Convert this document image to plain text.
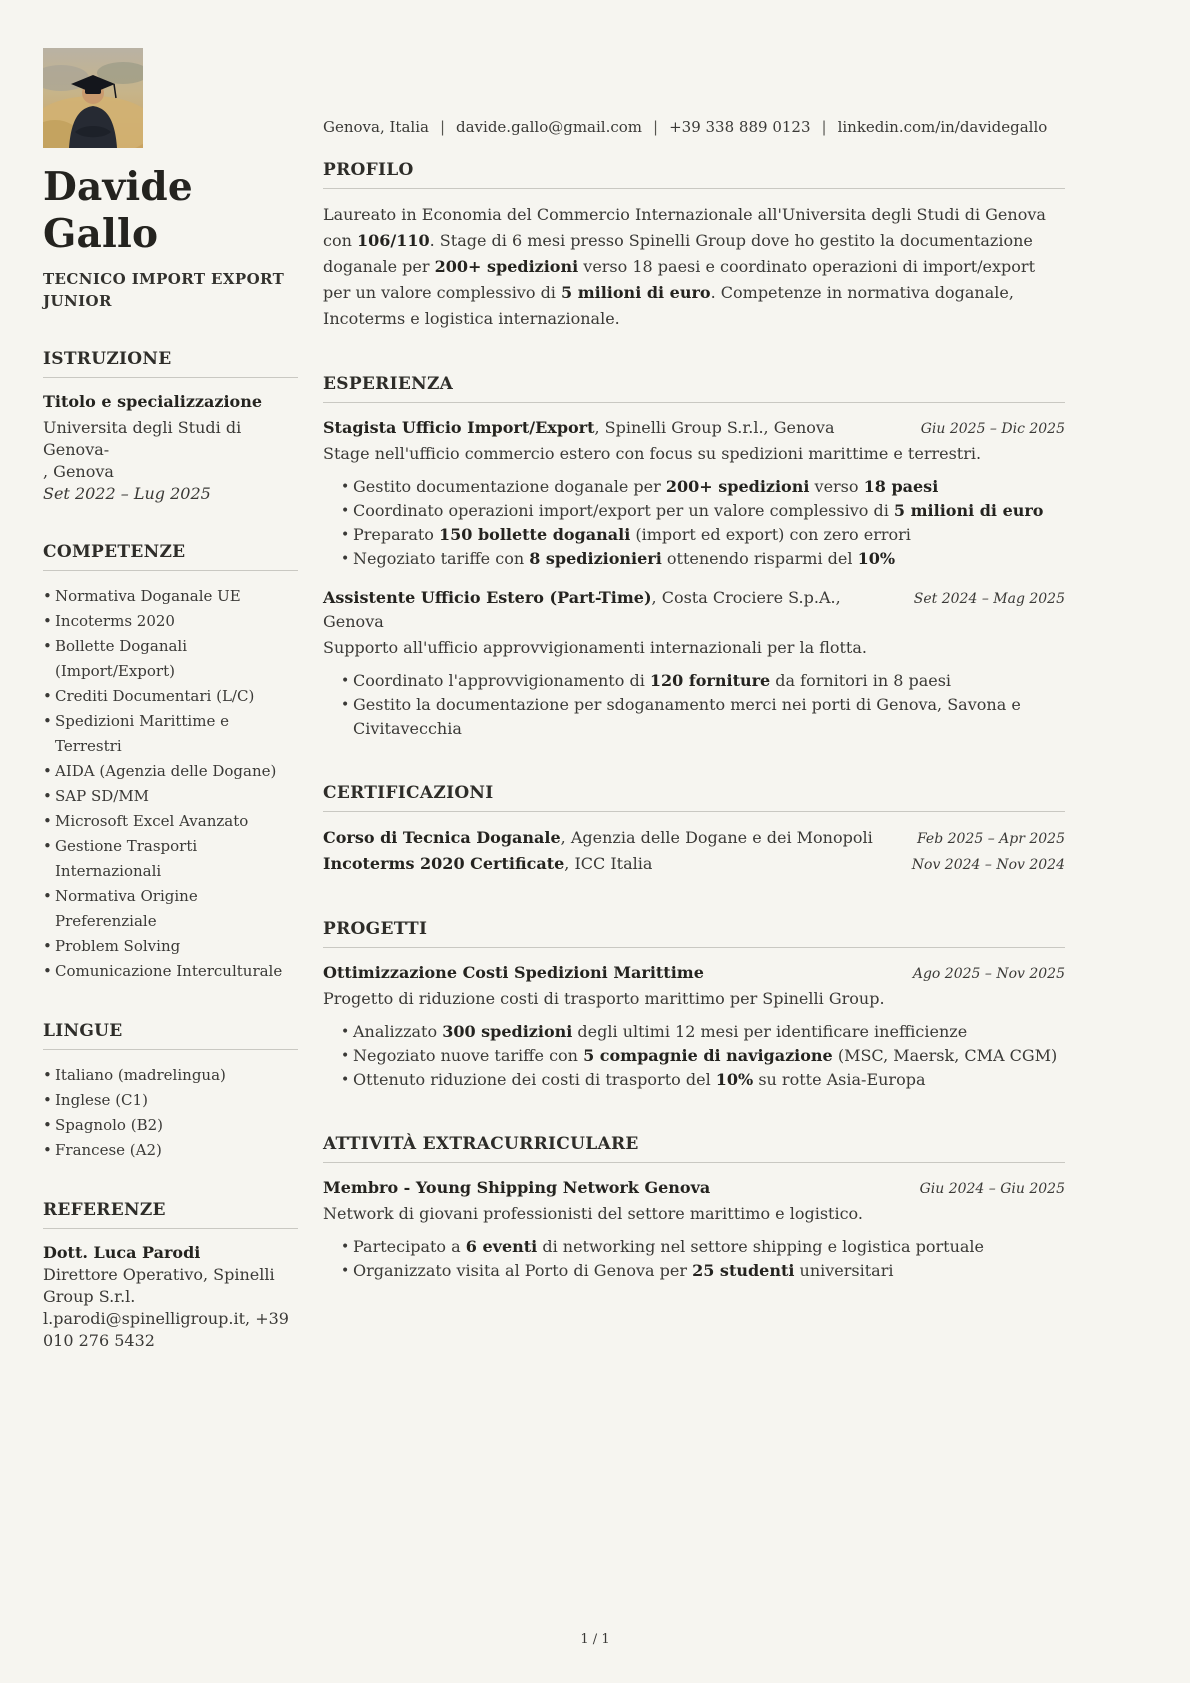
Davide Gallo
TECNICO IMPORT EXPORT JUNIOR
ISTRUZIONE
Titolo e specializzazione
Universita degli Studi di Genova-
, Genova
Set 2022 – Lug 2025
COMPETENZE
• Normativa Doganale UE
• Incoterms 2020
• Bollette Doganali (Import/Export)
• Crediti Documentari (L/C)
• Spedizioni Marittime e Terrestri
• AIDA (Agenzia delle Dogane)
• SAP SD/MM
• Microsoft Excel Avanzato
• Gestione Trasporti Internazionali
• Normativa Origine Preferenziale
• Problem Solving
• Comunicazione Interculturale
LINGUE
• Italiano (madrelingua)
• Inglese (C1)
• Spagnolo (B2)
• Francese (A2)
REFERENZE
Dott. Luca Parodi
Direttore Operativo, Spinelli Group S.r.l.
l.parodi@spinelligroup.it, +39 010 276 5432
Genova, Italia | davide.gallo@gmail.com | +39 338 889 0123 | linkedin.com/in/davidegallo
PROFILO

Laureato in Economia del Commercio Internazionale all'Universita degli Studi di Genova con 106/110. Stage di 6 mesi presso Spinelli Group dove ho gestito la documentazione doganale per 200+ spedizioni verso 18 paesi e coordinato operazioni di import/export per un valore complessivo di 5 milioni di euro. Competenze in normativa doganale, Incoterms e logistica internazionale.

ESPERIENZA
Stagista Ufficio Import/Export, Spinelli Group S.r.l., Genova	Giu 2025 – Dic 2025
Stage nell'ufficio commercio estero con focus su spedizioni marittime e terrestri.
• Gestito documentazione doganale per 200+ spedizioni verso 18 paesi
• Coordinato operazioni import/export per un valore complessivo di 5 milioni di euro
• Preparato 150 bollette doganali (import ed export) con zero errori
• Negoziato tariffe con 8 spedizionieri ottenendo risparmi del 10%
Assistente Ufficio Estero (Part-Time), Costa Crociere S.p.A., Genova
Set 2024 – Mag 2025
Supporto all'ufficio approvvigionamenti internazionali per la flotta.
• Coordinato l'approvvigionamento di 120 forniture da fornitori in 8 paesi
• Gestito la documentazione per sdoganamento merci nei porti di Genova, Savona e Civitavecchia
CERTIFICAZIONI
Corso di Tecnica Doganale, Agenzia delle Dogane e dei Monopoli	Feb 2025 – Apr 2025
Incoterms 2020 Certificate, ICC Italia	Nov 2024 – Nov 2024
PROGETTI
Ottimizzazione Costi Spedizioni Marittime	Ago 2025 – Nov 2025
Progetto di riduzione costi di trasporto marittimo per Spinelli Group.
• Analizzato 300 spedizioni degli ultimi 12 mesi per identificare inefficienze
• Negoziato nuove tariffe con 5 compagnie di navigazione (MSC, Maersk, CMA CGM)
• Ottenuto riduzione dei costi di trasporto del 10% su rotte Asia-Europa
ATTIVITÀ EXTRACURRICULARE
Membro - Young Shipping Network Genova	Giu 2024 – Giu 2025
Network di giovani professionisti del settore marittimo e logistico.
• Partecipato a 6 eventi di networking nel settore shipping e logistica portuale
• Organizzato visita al Porto di Genova per 25 studenti universitari
1 / 1
